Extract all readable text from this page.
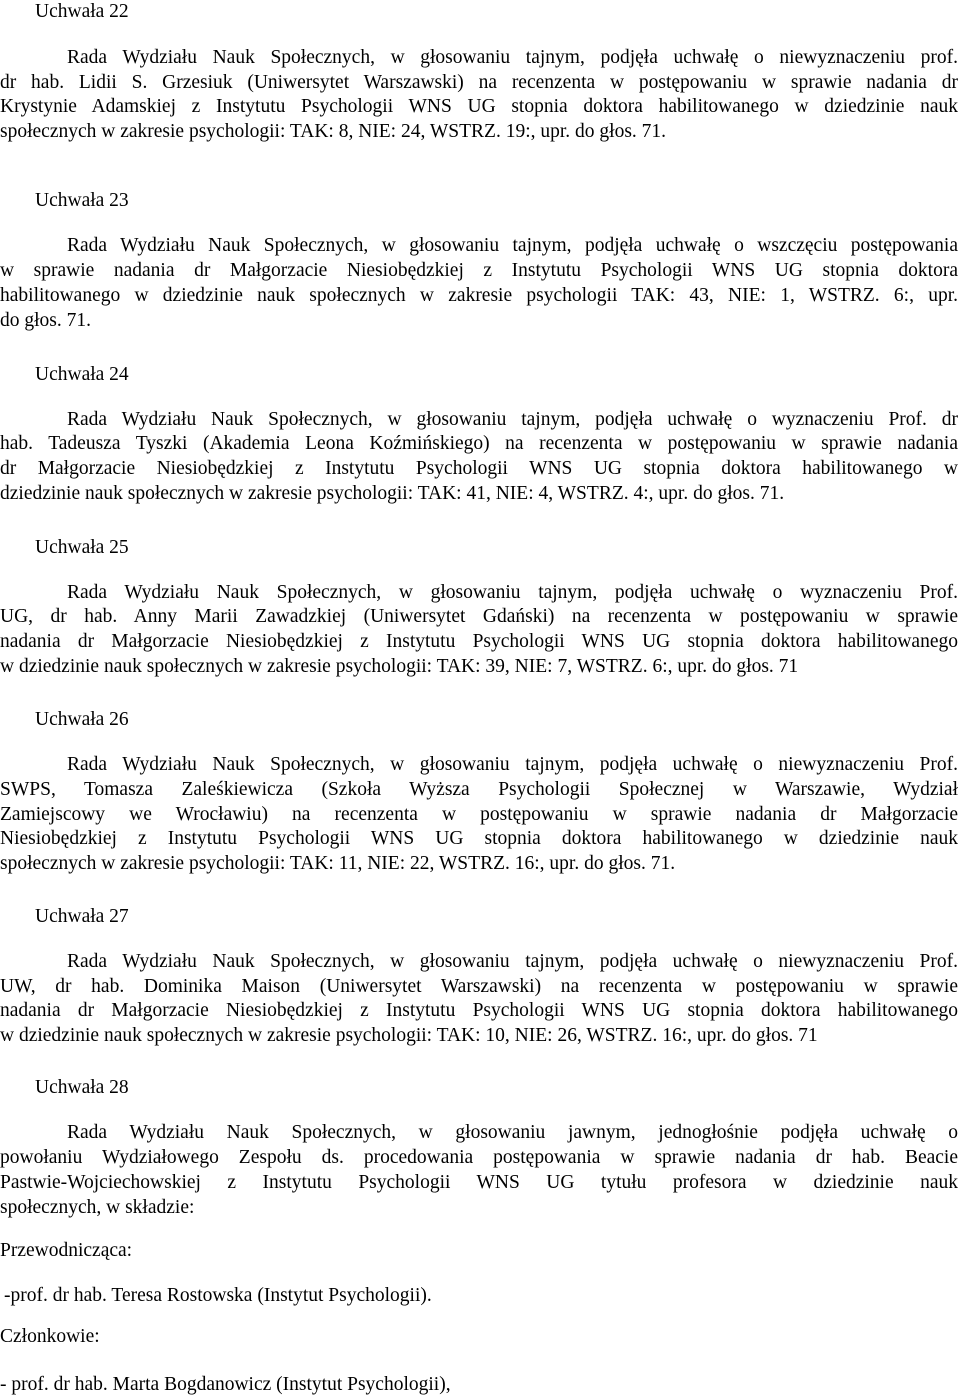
Uchwała 22
Rada Wydziału Nauk Społecznych, w głosowaniu tajnym, podjęła uchwałę o niewyznaczeniu prof.
dr hab. Lidii S. Grzesiuk (Uniwersytet Warszawski) na recenzenta w postępowaniu w sprawie nadania dr
Krystynie Adamskiej z Instytutu Psychologii WNS UG stopnia doktora habilitowanego w dziedzinie nauk
społecznych w zakresie psychologii: TAK: 8, NIE: 24, WSTRZ. 19:, upr. do głos. 71.
Uchwała 23
Rada Wydziału Nauk Społecznych, w głosowaniu tajnym, podjęła uchwałę o wszczęciu postępowania
w sprawie nadania dr Małgorzacie Niesiobędzkiej z Instytutu Psychologii WNS UG stopnia doktora
habilitowanego w dziedzinie nauk społecznych w zakresie psychologii TAK: 43, NIE: 1, WSTRZ. 6:, upr.
do głos. 71.
Uchwała 24
Rada Wydziału Nauk Społecznych, w głosowaniu tajnym, podjęła uchwałę o wyznaczeniu Prof. dr
hab. Tadeusza Tyszki (Akademia Leona Koźmińskiego) na recenzenta w postępowaniu w sprawie nadania
dr Małgorzacie Niesiobędzkiej z Instytutu Psychologii WNS UG stopnia doktora habilitowanego w
dziedzinie nauk społecznych w zakresie psychologii: TAK: 41, NIE: 4, WSTRZ. 4:, upr. do głos. 71.
Uchwała 25
Rada Wydziału Nauk Społecznych, w głosowaniu tajnym, podjęła uchwałę o wyznaczeniu Prof.
UG, dr hab. Anny Marii Zawadzkiej (Uniwersytet Gdański) na recenzenta w postępowaniu w sprawie
nadania dr Małgorzacie Niesiobędzkiej z Instytutu Psychologii WNS UG stopnia doktora habilitowanego
w dziedzinie nauk społecznych w zakresie psychologii: TAK: 39, NIE: 7, WSTRZ. 6:, upr. do głos. 71
Uchwała 26
Rada Wydziału Nauk Społecznych, w głosowaniu tajnym, podjęła uchwałę o niewyznaczeniu Prof.
SWPS, Tomasza Zaleśkiewicza (Szkoła Wyższa Psychologii Społecznej w Warszawie, Wydział
Zamiejscowy we Wrocławiu) na recenzenta w postępowaniu w sprawie nadania dr Małgorzacie
Niesiobędzkiej z Instytutu Psychologii WNS UG stopnia doktora habilitowanego w dziedzinie nauk
społecznych w zakresie psychologii: TAK: 11, NIE: 22, WSTRZ. 16:, upr. do głos. 71.
Uchwała 27
Rada Wydziału Nauk Społecznych, w głosowaniu tajnym, podjęła uchwałę o niewyznaczeniu Prof.
UW, dr hab. Dominika Maison (Uniwersytet Warszawski) na recenzenta w postępowaniu w sprawie
nadania dr Małgorzacie Niesiobędzkiej z Instytutu Psychologii WNS UG stopnia doktora habilitowanego
w dziedzinie nauk społecznych w zakresie psychologii: TAK: 10, NIE: 26, WSTRZ. 16:, upr. do głos. 71
Uchwała 28
Rada Wydziału Nauk Społecznych, w głosowaniu jawnym, jednogłośnie podjęła uchwałę o
powołaniu Wydziałowego Zespołu ds. procedowania postępowania w sprawie nadania dr hab. Beacie
Pastwie-Wojciechowskiej z Instytutu Psychologii WNS UG tytułu profesora w dziedzinie nauk
społecznych, w składzie:
Przewodnicząca:
-prof. dr hab. Teresa Rostowska (Instytut Psychologii).
Członkowie:
- prof. dr hab. Marta Bogdanowicz (Instytut Psychologii),
